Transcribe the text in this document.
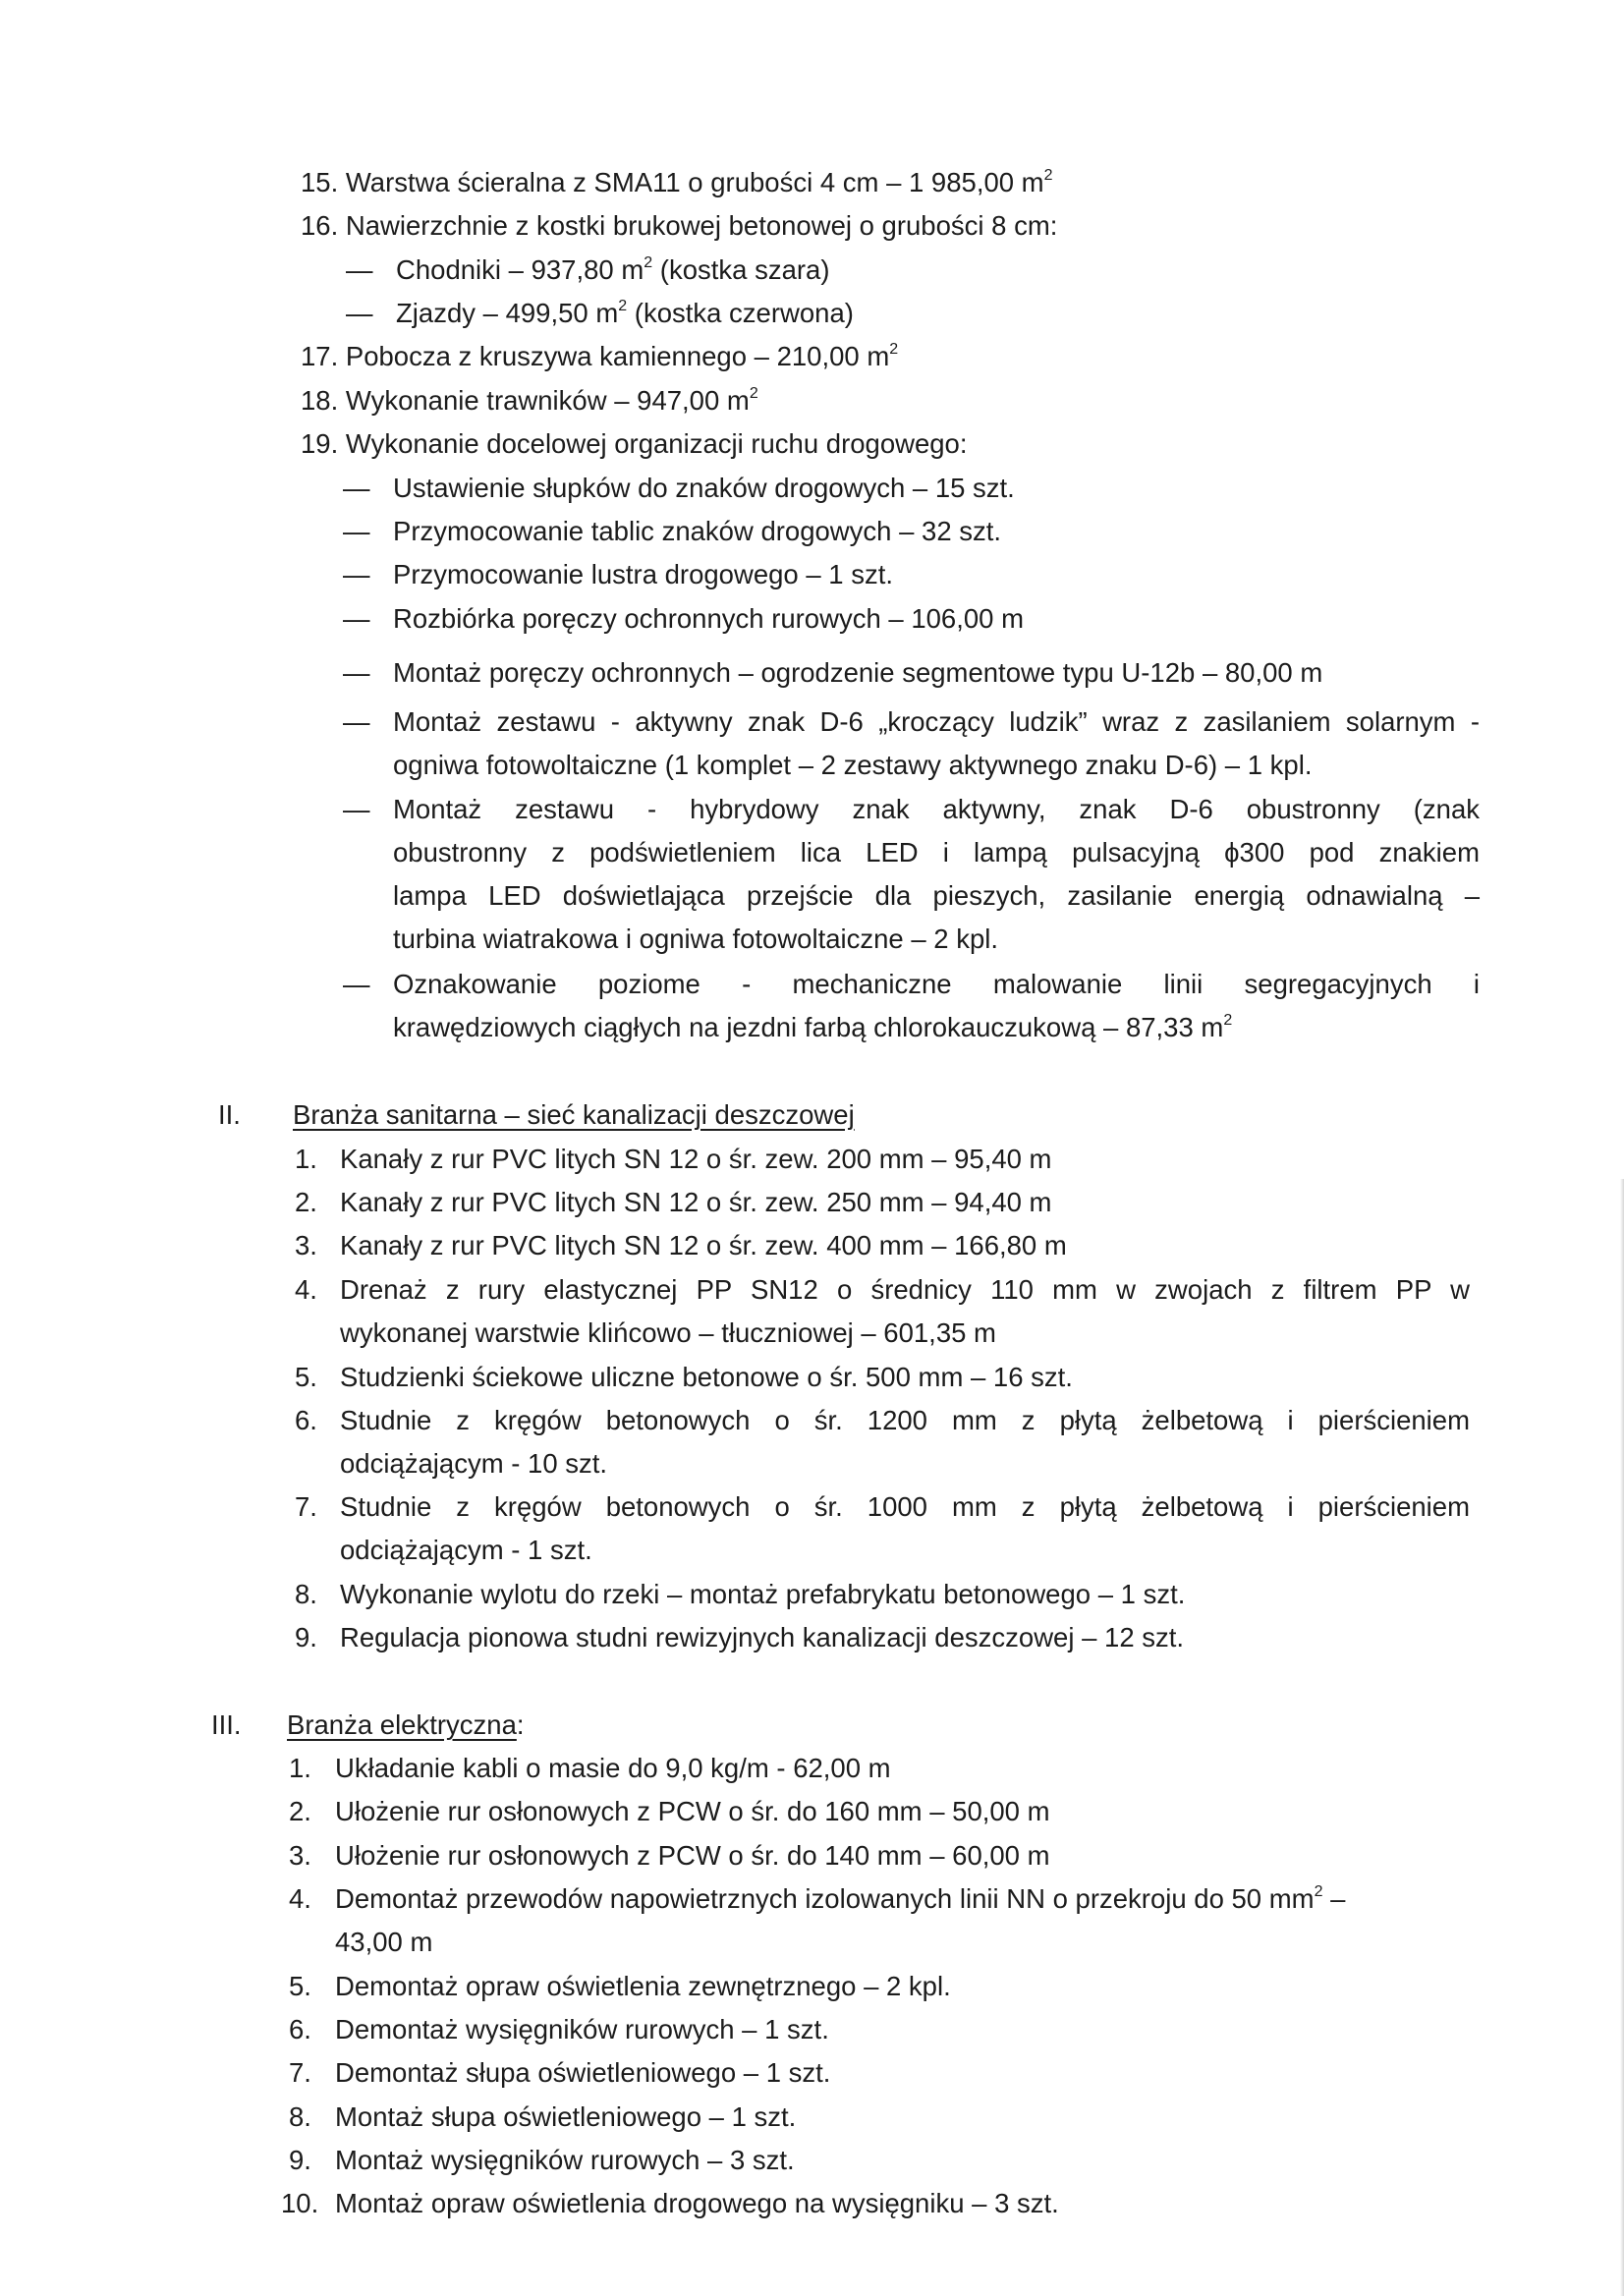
15. Warstwa ścieralna z SMA11 o grubości 4 cm – 1 985,00 $m^2$
16. Nawierzchnie z kostki brukowej betonowej o grubości 8 cm:
— Chodniki – 937,80 $m^2$ (kostka szara)
— Zjazdy – 499,50 $m^2$ (kostka czerwona)
17. Pobocza z kruszywa kamiennego – 210,00 $m^2$
18. Wykonanie trawników – 947,00 $m^2$
19. Wykonanie docelowej organizacji ruchu drogowego:
— Ustawienie słupków do znaków drogowych – 15 szt.
— Przymocowanie tablic znaków drogowych – 32 szt.
— Przymocowanie lustra drogowego – 1 szt.
— Rozbiórka poręczy ochronnych rurowych – 106,00 m
— Montaż poręczy ochronnych – ogrodzenie segmentowe typu U-12b – 80,00 m
— Montaż zestawu - aktywny znak D-6 „kroczący ludzik” wraz z zasilaniem solarnym -
ogniwa fotowoltaiczne (1 komplet – 2 zestawy aktywnego znaku D-6) – 1 kpl.
— Montaż zestawu - hybrydowy znak aktywny, znak D-6 obustronny (znak
obustronny z podświetleniem lica LED i lampą pulsacyjną ϕ300 pod znakiem
lampa LED doświetlająca przejście dla pieszych, zasilanie energią odnawialną –
turbina wiatrakowa i ogniwa fotowoltaiczne – 2 kpl.
— Oznakowanie poziome - mechaniczne malowanie linii segregacyjnych i
krawędziowych ciągłych na jezdni farbą chlorokauczukową – 87,33 $m^2$
II. Branża sanitarna – sieć kanalizacji deszczowej
1. Kanały z rur PVC litych SN 12 o śr. zew. 200 mm – 95,40 m
2. Kanały z rur PVC litych SN 12 o śr. zew. 250 mm – 94,40 m
3. Kanały z rur PVC litych SN 12 o śr. zew. 400 mm – 166,80 m
4. Drenaż z rury elastycznej PP SN12 o średnicy 110 mm w zwojach z filtrem PP w
wykonanej warstwie klińcowo – tłuczniowej – 601,35 m
5. Studzienki ściekowe uliczne betonowe o śr. 500 mm – 16 szt.
6. Studnie z kręgów betonowych o śr. 1200 mm z płytą żelbetową i pierścieniem
odciążającym - 10 szt.
7. Studnie z kręgów betonowych o śr. 1000 mm z płytą żelbetową i pierścieniem
odciążającym - 1 szt.
8. Wykonanie wylotu do rzeki – montaż prefabrykatu betonowego – 1 szt.
9. Regulacja pionowa studni rewizyjnych kanalizacji deszczowej – 12 szt.
III. Branża elektryczna:
1. Układanie kabli o masie do 9,0 kg/m - 62,00 m
2. Ułożenie rur osłonowych z PCW o śr. do 160 mm – 50,00 m
3. Ułożenie rur osłonowych z PCW o śr. do 140 mm – 60,00 m
4. Demontaż przewodów napowietrznych izolowanych linii NN o przekroju do 50 $mm^2$ –
43,00 m
5. Demontaż opraw oświetlenia zewnętrznego – 2 kpl.
6. Demontaż wysięgników rurowych – 1 szt.
7. Demontaż słupa oświetleniowego – 1 szt.
8. Montaż słupa oświetleniowego – 1 szt.
9. Montaż wysięgników rurowych – 3 szt.
10. Montaż opraw oświetlenia drogowego na wysięgniku – 3 szt.
